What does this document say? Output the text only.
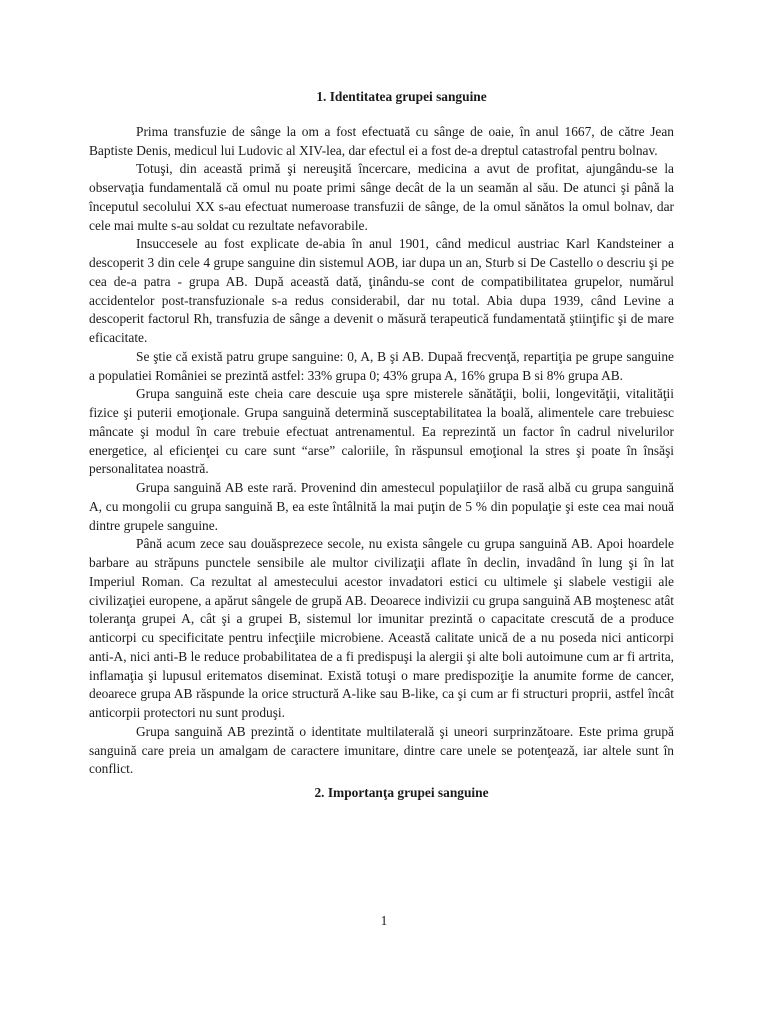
1. Identitatea grupei sanguine

Prima transfuzie de sânge la om a fost efectuată cu sânge de oaie, în anul 1667, de către Jean Baptiste Denis, medicul lui Ludovic al XIV-lea, dar efectul ei a fost de-a dreptul catastrofal pentru bolnav.

Totuşi, din această primă şi nereuşită încercare, medicina a avut de profitat, ajungându-se la observaţia fundamentală că omul nu poate primi sânge decât de la un seamăn al său. De atunci şi până la începutul secolului XX s-au efectuat numeroase transfuzii de sânge, de la omul sănătos la omul bolnav, dar cele mai multe s-au soldat cu rezultate nefavorabile.

Insuccesele au fost explicate de-abia în anul 1901, când medicul austriac Karl Kandsteiner a descoperit 3 din cele 4 grupe sanguine din sistemul AOB, iar dupa un an, Sturb si De Castello o descriu şi pe cea de-a patra - grupa AB. După această dată, ţinându-se cont de compatibilitatea grupelor, numărul accidentelor post-transfuzionale s-a redus considerabil, dar nu total. Abia dupa 1939, când Levine a descoperit factorul Rh, transfuzia de sânge a devenit o măsură terapeutică fundamentată ştiinţific şi de mare eficacitate.

Se ştie că există patru grupe sanguine: 0, A, B şi AB. Dupaă frecvenţă, repartiţia pe grupe sanguine a populatiei României se prezintă astfel: 33% grupa 0; 43% grupa A, 16% grupa B si 8% grupa AB.

Grupa sanguină este cheia care descuie uşa spre misterele sănătăţii, bolii, longevităţii, vitalităţii fizice şi puterii emoţionale. Grupa sanguină determină susceptabilitatea la boală, alimentele care trebuiesc mâncate şi modul în care trebuie efectuat antrenamentul. Ea reprezintă un factor în cadrul nivelurilor energetice, al eficienţei cu care sunt “arse” caloriile, în răspunsul emoţional la stres şi poate în însăşi personalitatea noastră.

Grupa sanguină AB este rară. Provenind din amestecul populaţiilor de rasă albă cu grupa sanguină A, cu mongolii cu grupa sanguină B, ea este întâlnită la mai puţin de 5 % din populaţie şi este cea mai nouă dintre grupele sanguine.

Până acum zece sau douăsprezece secole, nu exista sângele cu grupa sanguină AB. Apoi hoardele barbare au străpuns punctele sensibile ale multor civilizaţii aflate în declin, invadând în lung şi în lat Imperiul Roman. Ca rezultat al amestecului acestor invadatori estici cu ultimele şi slabele vestigii ale civilizaţiei europene, a apărut sângele de grupă AB. Deoarece indivizii cu grupa sanguină AB moştenesc atât toleranţa grupei A, cât şi a grupei B, sistemul lor imunitar prezintă o capacitate crescută de a produce anticorpi cu specificitate pentru infecţiile microbiene. Această calitate unică de a nu poseda nici anticorpi anti-A, nici anti-B le reduce probabilitatea de a fi predispuşi la alergii şi alte boli autoimune cum ar fi artrita, inflamaţia şi lupusul eritematos diseminat. Există totuşi o mare predispoziţie la anumite forme de cancer, deoarece grupa AB răspunde la orice structură A-like sau B-like, ca şi cum ar fi structuri proprii, astfel încât anticorpii protectori nu sunt produşi.

Grupa sanguină AB prezintă o identitate multilaterală şi uneori surprinzătoare. Este prima grupă sanguină care preia un amalgam de caractere imunitare, dintre care unele se potenţează, iar altele sunt în conflict.

2. Importanţa grupei sanguine

1
